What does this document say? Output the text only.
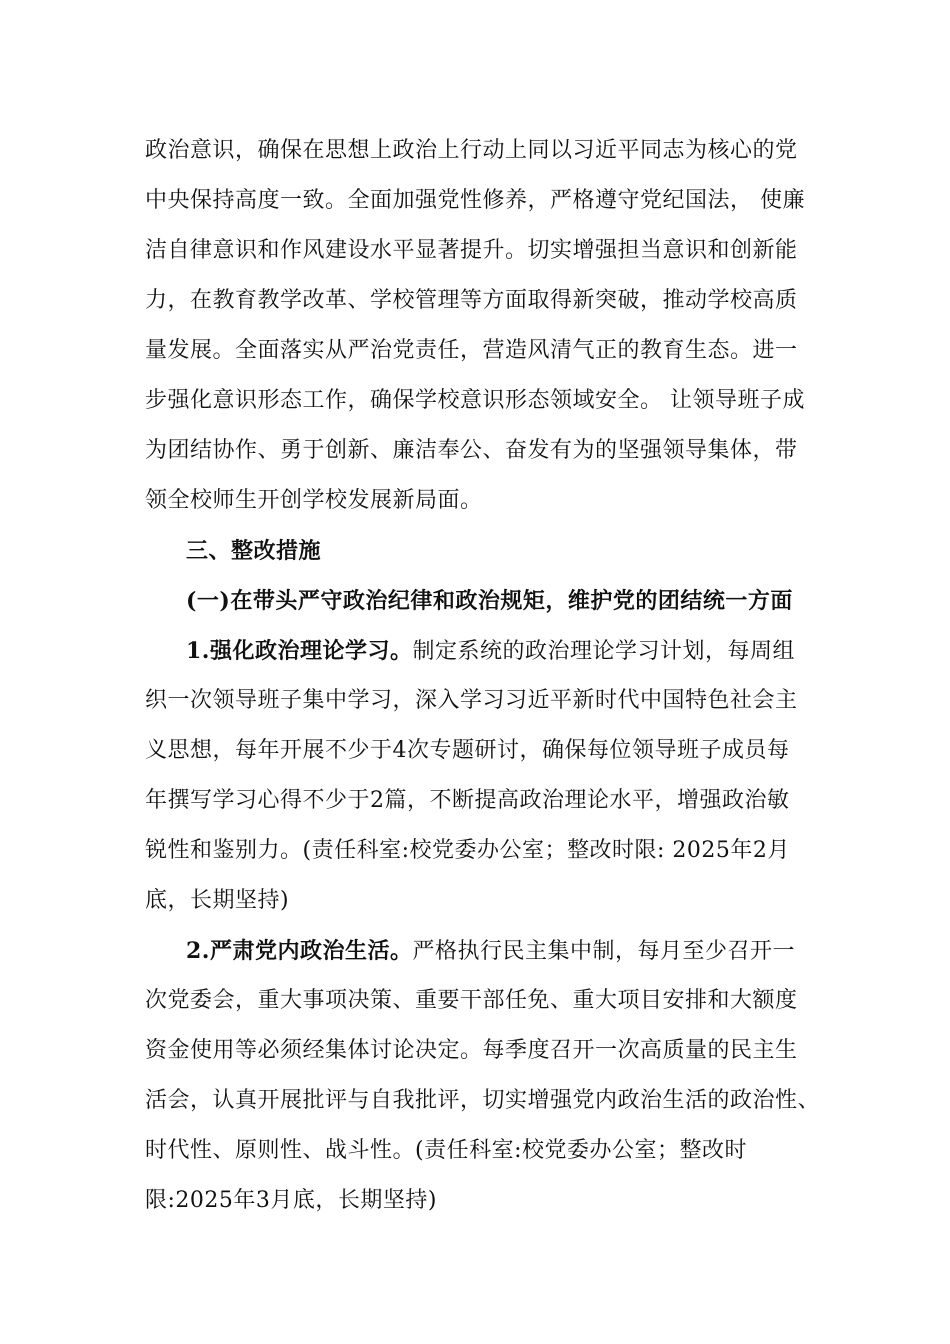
政治意识，确保在思想上政治上行动上同以习近平同志为核心的党
中央保持高度一致。全面加强党性修养，严格遵守党纪国法， 使廉
洁自律意识和作风建设水平显著提升。切实增强担当意识和创新能
力，在教育教学改革、学校管理等方面取得新突破，推动学校高质
量发展。全面落实从严治党责任，营造风清气正的教育生态。进一
步强化意识形态工作，确保学校意识形态领域安全。 让领导班子成
为团结协作、勇于创新、廉洁奉公、奋发有为的坚强领导集体，带
领全校师生开创学校发展新局面。
三、整改措施
(一)在带头严守政治纪律和政治规矩，维护党的团结统一方面
1.强化政治理论学习。制定系统的政治理论学习计划，每周组
织一次领导班子集中学习，深入学习习近平新时代中国特色社会主
义思想，每年开展不少于4次专题研讨，确保每位领导班子成员每
年撰写学习心得不少于2篇，不断提高政治理论水平，增强政治敏
锐性和鉴别力。(责任科室:校党委办公室；整改时限: 2025年2月
底，长期坚持)
2.严肃党内政治生活。严格执行民主集中制，每月至少召开一
次党委会，重大事项决策、重要干部任免、重大项目安排和大额度
资金使用等必须经集体讨论决定。每季度召开一次高质量的民主生
活会，认真开展批评与自我批评，切实增强党内政治生活的政治性、
时代性、原则性、战斗性。(责任科室:校党委办公室；整改时
限:2025年3月底，长期坚持)
